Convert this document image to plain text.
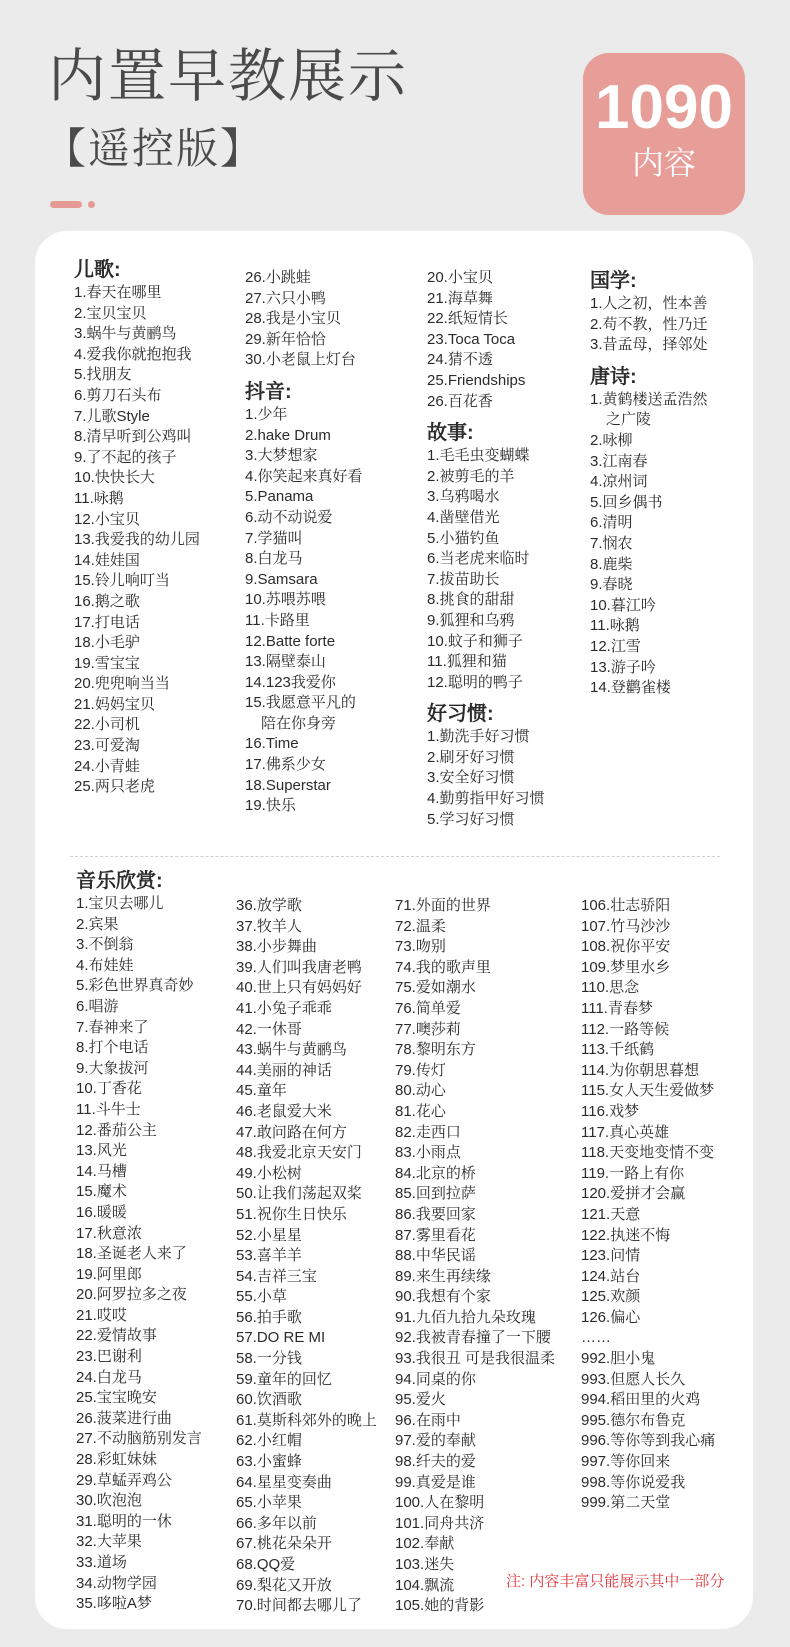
内置早教展示
【遥控版】
1090
内容
儿歌:
1.春天在哪里
2.宝贝宝贝
3.蜗牛与黄鹂鸟
4.爱我你就抱抱我
5.找朋友
6.剪刀石头布
7.儿歌Style
8.清早听到公鸡叫
9.了不起的孩子
10.快快长大
11.咏鹅
12.小宝贝
13.我爱我的幼儿园
14.娃娃国
15.铃儿响叮当
16.鹅之歌
17.打电话
18.小毛驴
19.雪宝宝
20.兜兜响当当
21.妈妈宝贝
22.小司机
23.可爱淘
24.小青蛙
25.两只老虎
26.小跳蛙
27.六只小鸭
28.我是小宝贝
29.新年恰恰
30.小老鼠上灯台
抖音:
1.少年
2.hake Drum
3.大梦想家
4.你笑起来真好看
5.Panama
6.动不动说爱
7.学猫叫
8.白龙马
9.Samsara
10.苏喂苏喂
11.卡路里
12.Batte forte
13.隔壁泰山
14.123我爱你
15.我愿意平凡的
陪在你身旁
16.Time
17.佛系少女
18.Superstar
19.快乐
20.小宝贝
21.海草舞
22.纸短情长
23.Toca Toca
24.猜不透
25.Friendships
26.百花香
故事:
1.毛毛虫变蝴蝶
2.被剪毛的羊
3.乌鸦喝水
4.凿壁借光
5.小猫钓鱼
6.当老虎来临时
7.拔苗助长
8.挑食的甜甜
9.狐狸和乌鸦
10.蚊子和狮子
11.狐狸和猫
12.聪明的鸭子
好习惯:
1.勤洗手好习惯
2.刷牙好习惯
3.安全好习惯
4.勤剪指甲好习惯
5.学习好习惯
国学:
1.人之初，性本善
2.苟不教，性乃迁
3.昔孟母，择邻处
唐诗:
1.黄鹤楼送孟浩然
之广陵
2.咏柳
3.江南春
4.凉州词
5.回乡偶书
6.清明
7.悯农
8.鹿柴
9.春晓
10.暮江吟
11.咏鹅
12.江雪
13.游子吟
14.登鹳雀楼
音乐欣赏:
1.宝贝去哪儿
2.宾果
3.不倒翁
4.布娃娃
5.彩色世界真奇妙
6.唱游
7.春神来了
8.打个电话
9.大象拔河
10.丁香花
11.斗牛士
12.番茄公主
13.风光
14.马槽
15.魔术
16.暖暖
17.秋意浓
18.圣诞老人来了
19.阿里郎
20.阿罗拉多之夜
21.哎哎
22.爱情故事
23.巴谢利
24.白龙马
25.宝宝晚安
26.菠菜进行曲
27.不动脑筋别发言
28.彩虹妹妹
29.草蜢弄鸡公
30.吹泡泡
31.聪明的一休
32.大苹果
33.道场
34.动物学园
35.哆啦A梦
36.放学歌
37.牧羊人
38.小步舞曲
39.人们叫我唐老鸭
40.世上只有妈妈好
41.小兔子乖乖
42.一休哥
43.蜗牛与黄鹂鸟
44.美丽的神话
45.童年
46.老鼠爱大米
47.敢问路在何方
48.我爱北京天安门
49.小松树
50.让我们荡起双桨
51.祝你生日快乐
52.小星星
53.喜羊羊
54.吉祥三宝
55.小草
56.拍手歌
57.DO RE MI
58.一分钱
59.童年的回忆
60.饮酒歌
61.莫斯科郊外的晚上
62.小红帽
63.小蜜蜂
64.星星变奏曲
65.小苹果
66.多年以前
67.桃花朵朵开
68.QQ爱
69.梨花又开放
70.时间都去哪儿了
71.外面的世界
72.温柔
73.吻别
74.我的歌声里
75.爱如潮水
76.简单爱
77.噢莎莉
78.黎明东方
79.传灯
80.动心
81.花心
82.走西口
83.小雨点
84.北京的桥
85.回到拉萨
86.我要回家
87.雾里看花
88.中华民谣
89.来生再续缘
90.我想有个家
91.九佰九拾九朵玫瑰
92.我被青春撞了一下腰
93.我很丑 可是我很温柔
94.同桌的你
95.爱火
96.在雨中
97.爱的奉献
98.纤夫的爱
99.真爱是谁
100.人在黎明
101.同舟共济
102.奉献
103.迷失
104.飘流
105.她的背影
106.壮志骄阳
107.竹马沙沙
108.祝你平安
109.梦里水乡
110.思念
111.青春梦
112.一路等候
113.千纸鹤
114.为你朝思暮想
115.女人天生爱做梦
116.戏梦
117.真心英雄
118.天变地变情不变
119.一路上有你
120.爱拼才会赢
121.天意
122.执迷不悔
123.问情
124.站台
125.欢颜
126.偏心
……
992.胆小鬼
993.但愿人长久
994.稻田里的火鸡
995.德尔布鲁克
996.等你等到我心痛
997.等你回来
998.等你说爱我
999.第二天堂
注: 内容丰富只能展示其中一部分
